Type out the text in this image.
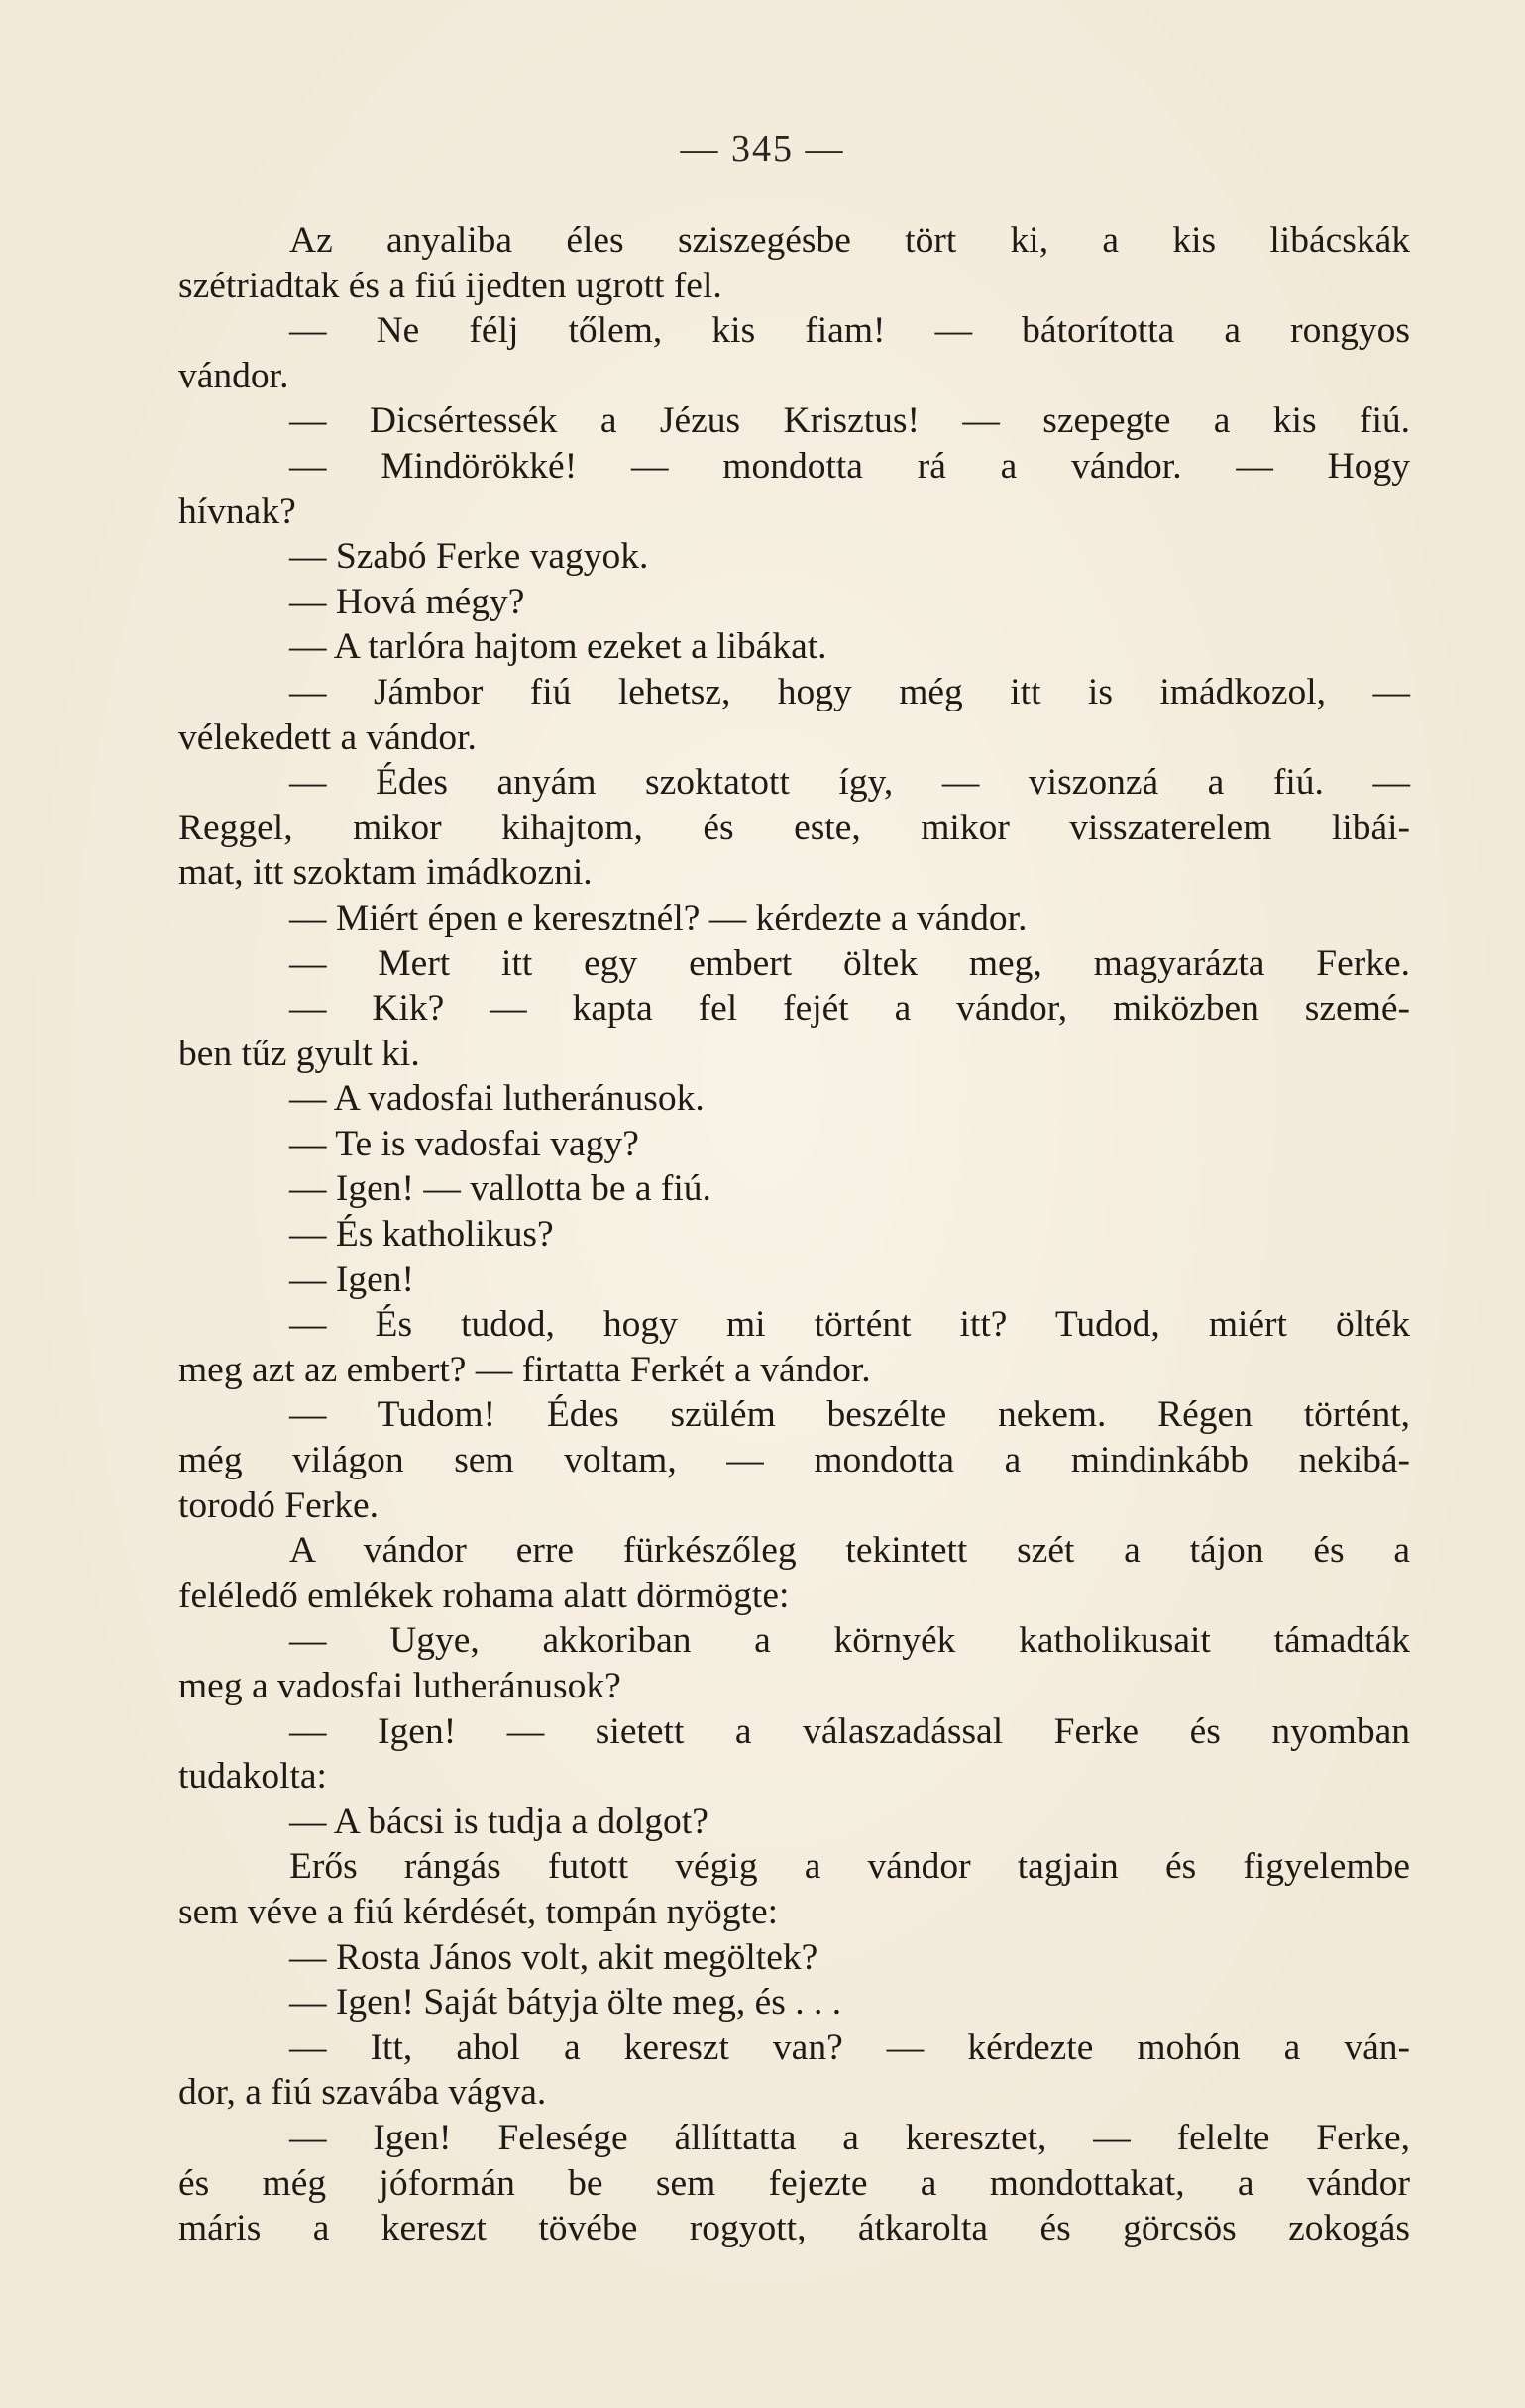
— 345 —
Az anyaliba éles sziszegésbe tört ki, a kis libácskák
szétriadtak és a fiú ijedten ugrott fel.
— Ne félj tőlem, kis fiam! — bátorította a rongyos
vándor.
— Dicsértessék a Jézus Krisztus! — szepegte a kis fiú.
— Mindörökké! — mondotta rá a vándor. — Hogy
hívnak?
— Szabó Ferke vagyok.
— Hová mégy?
— A tarlóra hajtom ezeket a libákat.
— Jámbor fiú lehetsz, hogy még itt is imádkozol, —
vélekedett a vándor.
— Édes anyám szoktatott így, — viszonzá a fiú. —
Reggel, mikor kihajtom, és este, mikor visszaterelem libái-
mat, itt szoktam imádkozni.
— Miért épen e keresztnél? — kérdezte a vándor.
— Mert itt egy embert öltek meg, magyarázta Ferke.
— Kik? — kapta fel fejét a vándor, miközben szemé-
ben tűz gyult ki.
— A vadosfai lutheránusok.
— Te is vadosfai vagy?
— Igen! — vallotta be a fiú.
— És katholikus?
— Igen!
— És tudod, hogy mi történt itt? Tudod, miért ölték
meg azt az embert? — firtatta Ferkét a vándor.
— Tudom! Édes szülém beszélte nekem. Régen történt,
még világon sem voltam, — mondotta a mindinkább nekibá-
torodó Ferke.
A vándor erre fürkészőleg tekintett szét a tájon és a
feléledő emlékek rohama alatt dörmögte:
— Ugye, akkoriban a környék katholikusait támadták
meg a vadosfai lutheránusok?
— Igen! — sietett a válaszadással Ferke és nyomban
tudakolta:
— A bácsi is tudja a dolgot?
Erős rángás futott végig a vándor tagjain és figyelembe
sem véve a fiú kérdését, tompán nyögte:
— Rosta János volt, akit megöltek?
— Igen! Saját bátyja ölte meg, és . . .
— Itt, ahol a kereszt van? — kérdezte mohón a ván-
dor, a fiú szavába vágva.
— Igen! Felesége állíttatta a keresztet, — felelte Ferke,
és még jóformán be sem fejezte a mondottakat, a vándor
máris a kereszt tövébe rogyott, átkarolta és görcsös zokogás
